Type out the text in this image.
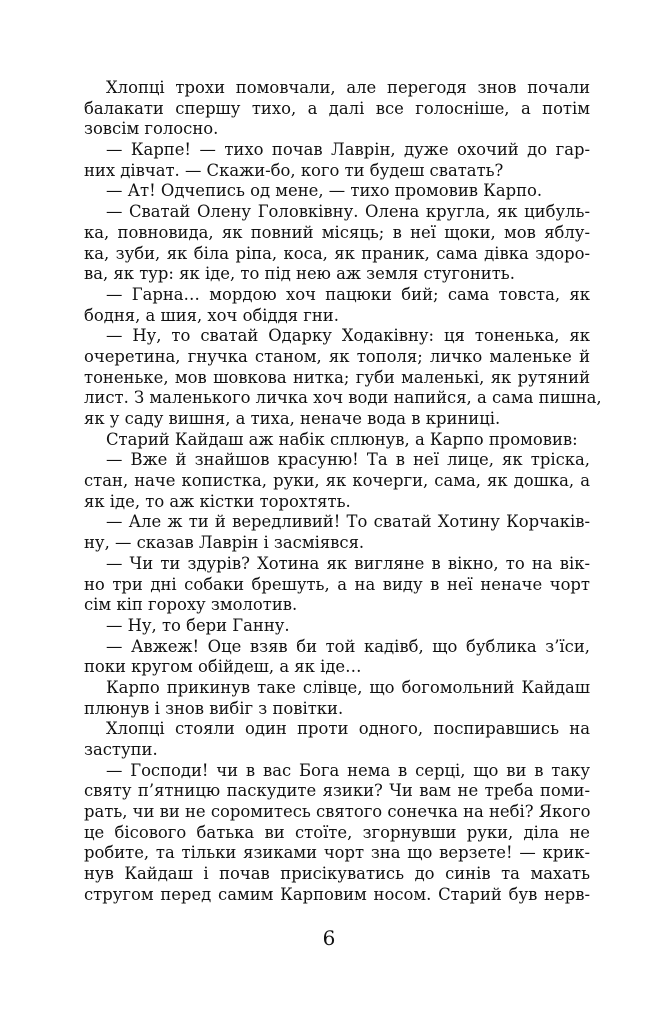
Хлопці трохи помовчали, але перегодя знов почали
балакати спершу тихо, а далі все голосніше, а потім
зовсім голосно.
— Карпе! — тихо почав Лаврін, дуже охочий до гар-
них дівчат. — Скажи-бо, кого ти будеш сватать?
— Ат! Одчепись од мене, — тихо промовив Карпо.
— Сватай Олену Головківну. Олена кругла, як цибуль-
ка, повновида, як повний місяць; в неї щоки, мов яблу-
ка, зуби, як біла ріпа, коса, як праник, сама дівка здоро-
ва, як тур: як іде, то під нею аж земля стугонить.
— Гарна… мордою хоч пацюки бий; сама товста, як
бодня, а шия, хоч обіддя гни.
— Ну, то сватай Одарку Ходаківну: ця тоненька, як
очеретина, гнучка станом, як тополя; личко маленьке й
тоненьке, мов шовкова нитка; губи маленькі, як рутяний
лист. З маленького личка хоч води напийся, а сама пишна,
як у саду вишня, а тиха, неначе вода в криниці.
Старий Кайдаш аж набік сплюнув, а Карпо промовив:
— Вже й знайшов красуню! Та в неї лице, як тріска,
стан, наче копистка, руки, як кочерги, сама, як дошка, а
як іде, то аж кістки торохтять.
— Але ж ти й вередливий! То сватай Хотину Корчаків-
ну, — сказав Лаврін і засміявся.
— Чи ти здурів? Хотина як вигляне в вікно, то на вік-
но три дні собаки брешуть, а на виду в неї неначе чорт
сім кіп гороху змолотив.
— Ну, то бери Ганну.
— Авжеж! Оце взяв би той кадівб, що бублика з’їси,
поки кругом обійдеш, а як іде…
Карпо прикинув таке слівце, що богомольний Кайдаш
плюнув і знов вибіг з повітки.
Хлопці стояли один проти одного, поспиравшись на
заступи.
— Господи! чи в вас Бога нема в серці, що ви в таку
святу п’ятницю паскудите язики? Чи вам не треба поми-
рать, чи ви не соромитесь святого сонечка на небі? Якого
це бісового батька ви стоїте, згорнувши руки, діла не
робите, та тільки язиками чорт зна що верзете! — крик-
нув Кайдаш і почав присікуватись до синів та махать
стругом перед самим Карповим носом. Старий був нерв-
6
